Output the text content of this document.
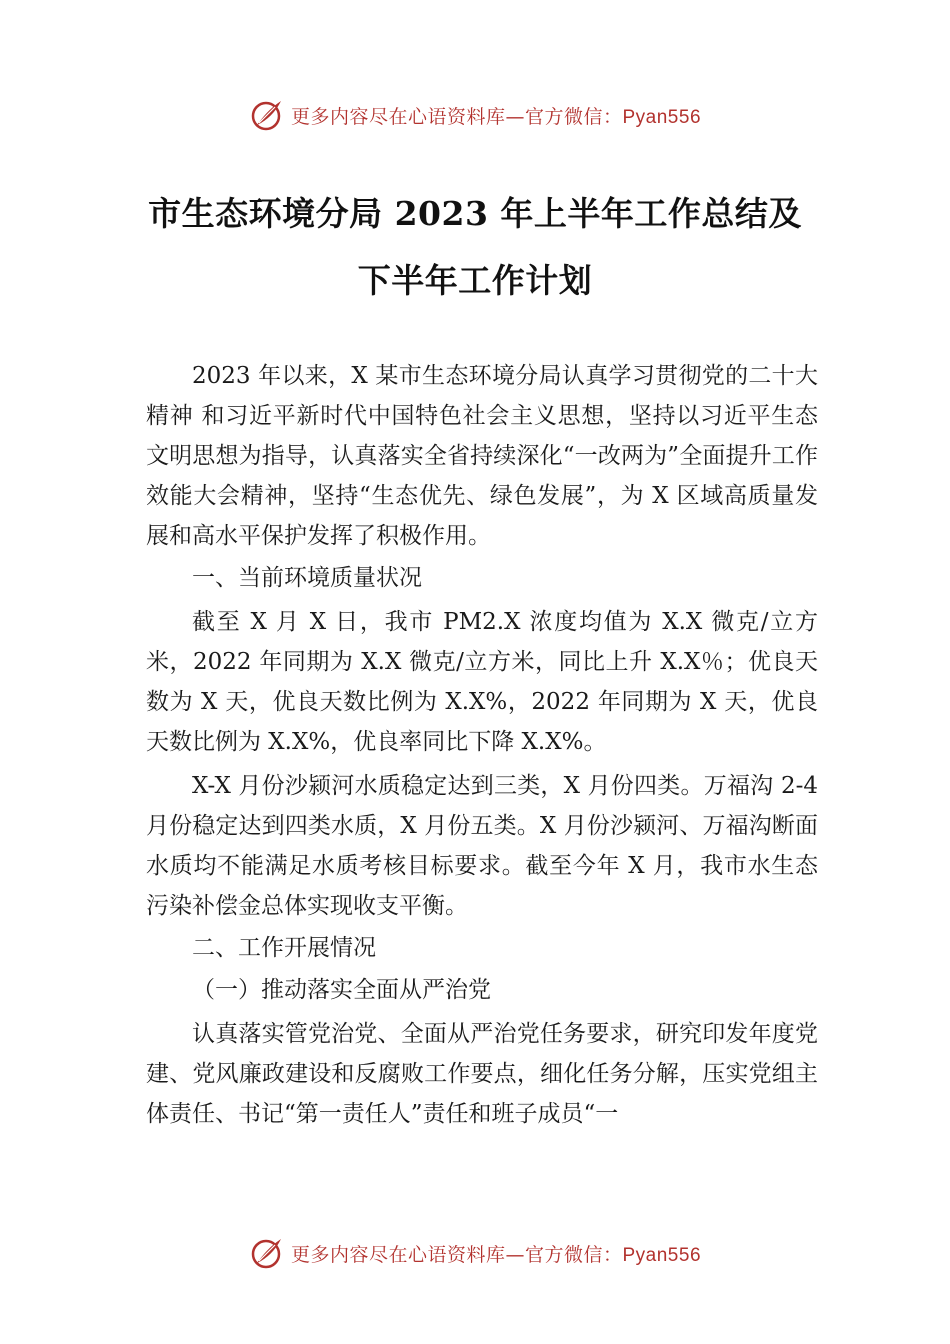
更多内容尽在心语资料库—官方微信：Pyan556
市生态环境分局 2023 年上半年工作总结及
下半年工作计划

2023 年以来，X 某市生态环境分局认真学习贯彻党的二十大精神 和习近平新时代中国特色社会主义思想，坚持以习近平生态文明思想为指导，认真落实全省持续深化“一改两为”全面提升工作效能大会精神，坚持“生态优先、绿色发展”，为 X 区域高质量发展和高水平保护发挥了积极作用。

一、当前环境质量状况

截至 X 月 X 日，我市 PM2.X 浓度均值为 X.X 微克/立方米，2022 年同期为 X.X 微克/立方米，同比上升 X.X％；优良天数为 X 天，优良天数比例为 X.X%，2022 年同期为 X 天，优良天数比例为 X.X%，优良率同比下降 X.X%。

X-X 月份沙颍河水质稳定达到三类，X 月份四类。万福沟 2-4 月份稳定达到四类水质，X 月份五类。X 月份沙颍河、万福沟断面水质均不能满足水质考核目标要求。截至今年 X 月，我市水生态污染补偿金总体实现收支平衡。

二、工作开展情况

（一）推动落实全面从严治党

认真落实管党治党、全面从严治党任务要求，研究印发年度党建、党风廉政建设和反腐败工作要点，细化任务分解，压实党组主体责任、书记“第一责任人”责任和班子成员“一

更多内容尽在心语资料库—官方微信：Pyan556
